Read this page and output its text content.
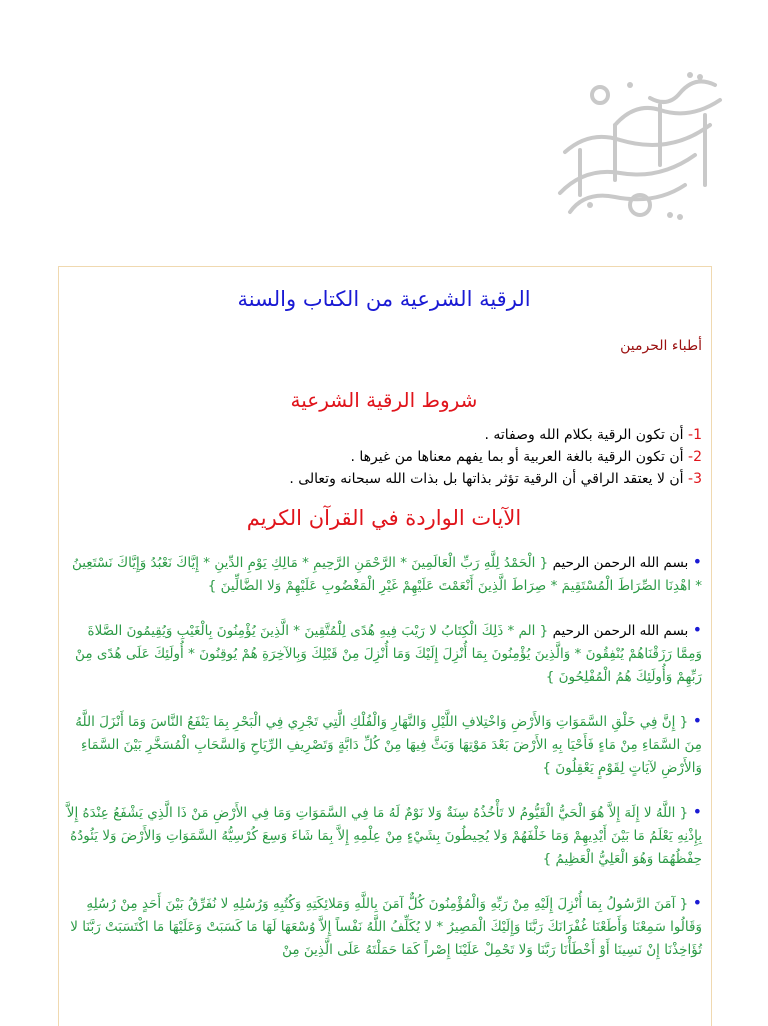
الرقية الشرعية من الكتاب والسنة
أطباء الحرمين
شروط الرقية الشرعية
1- أن تكون الرقية بكلام الله وصفاته .
2- أن تكون الرقية بالغة العربية أو بما يفهم معناها من غيرها .
3- أن لا يعتقد الراقي أن الرقية تؤثر بذاتها بل بذات الله سبحانه وتعالى .
الآيات الواردة في القرآن الكريم
• بسم الله الرحمن الرحيم { الْحَمْدُ لِلَّهِ رَبِّ الْعَالَمِينَ * الرَّحْمَنِ الرَّحِيمِ * مَالِكِ يَوْمِ الدِّينِ * إِيَّاكَ نَعْبُدُ وَإِيَّاكَ نَسْتَعِينُ * اهْدِنَا الصِّرَاطَ الْمُسْتَقِيمَ * صِرَاطَ الَّذِينَ أَنْعَمْتَ عَلَيْهِمْ غَيْرِ الْمَغْضُوبِ عَلَيْهِمْ وَلا الضَّالِّينَ }
• بسم الله الرحمن الرحيم { الم * ذَلِكَ الْكِتَابُ لا رَيْبَ فِيهِ هُدًى لِلْمُتَّقِينَ * الَّذِينَ يُؤْمِنُونَ بِالْغَيْبِ وَيُقِيمُونَ الصَّلاةَ وَمِمَّا رَزَقْنَاهُمْ يُنْفِقُونَ * وَالَّذِينَ يُؤْمِنُونَ بِمَا أُنْزِلَ إِلَيْكَ وَمَا أُنْزِلَ مِنْ قَبْلِكَ وَبِالآخِرَةِ هُمْ يُوقِنُونَ * أُولَئِكَ عَلَى هُدًى مِنْ رَبِّهِمْ وَأُولَئِكَ هُمُ الْمُفْلِحُونَ }
• { إِنَّ فِي خَلْقِ السَّمَوَاتِ وَالأَرْضِ وَاخْتِلافِ اللَّيْلِ وَالنَّهَارِ وَالْفُلْكِ الَّتِي تَجْرِي فِي الْبَحْرِ بِمَا يَنْفَعُ النَّاسَ وَمَا أَنْزَلَ اللَّهُ مِنَ السَّمَاءِ مِنْ مَاءٍ فَأَحْيَا بِهِ الأَرْضَ بَعْدَ مَوْتِهَا وَبَثَّ فِيهَا مِنْ كُلِّ دَابَّةٍ وَتَصْرِيفِ الرِّيَاحِ وَالسَّحَابِ الْمُسَخَّرِ بَيْنَ السَّمَاءِ وَالأَرْضِ لآيَاتٍ لِقَوْمٍ يَعْقِلُونَ }
• { اللَّهُ لا إِلَهَ إِلاَّ هُوَ الْحَيُّ الْقَيُّومُ لا تَأْخُذُهُ سِنَةٌ وَلا نَوْمٌ لَهُ مَا فِي السَّمَوَاتِ وَمَا فِي الأَرْضِ مَنْ ذَا الَّذِي يَشْفَعُ عِنْدَهُ إِلاَّ بِإِذْنِهِ يَعْلَمُ مَا بَيْنَ أَيْدِيهِمْ وَمَا خَلْفَهُمْ وَلا يُحِيطُونَ بِشَيْءٍ مِنْ عِلْمِهِ إِلاَّ بِمَا شَاءَ وَسِعَ كُرْسِيُّهُ السَّمَوَاتِ وَالأَرْضَ وَلا يَئُودُهُ حِفْظُهُمَا وَهُوَ الْعَلِيُّ الْعَظِيمُ }
• { آمَنَ الرَّسُولُ بِمَا أُنْزِلَ إِلَيْهِ مِنْ رَبِّهِ وَالْمُؤْمِنُونَ كُلٌّ آمَنَ بِاللَّهِ وَمَلائِكَتِهِ وَكُتُبِهِ وَرُسُلِهِ لا نُفَرِّقُ بَيْنَ أَحَدٍ مِنْ رُسُلِهِ وَقَالُوا سَمِعْنَا وَأَطَعْنَا غُفْرَانَكَ رَبَّنَا وَإِلَيْكَ الْمَصِيرُ * لا يُكَلِّفُ اللَّهُ نَفْساً إِلاَّ وُسْعَهَا لَهَا مَا كَسَبَتْ وَعَلَيْهَا مَا اكْتَسَبَتْ رَبَّنَا لا تُؤَاخِذْنَا إِنْ نَسِينَا أَوْ أَخْطَأْنَا رَبَّنَا وَلا تَحْمِلْ عَلَيْنَا إِصْراً كَمَا حَمَلْتَهُ عَلَى الَّذِينَ مِنْ
